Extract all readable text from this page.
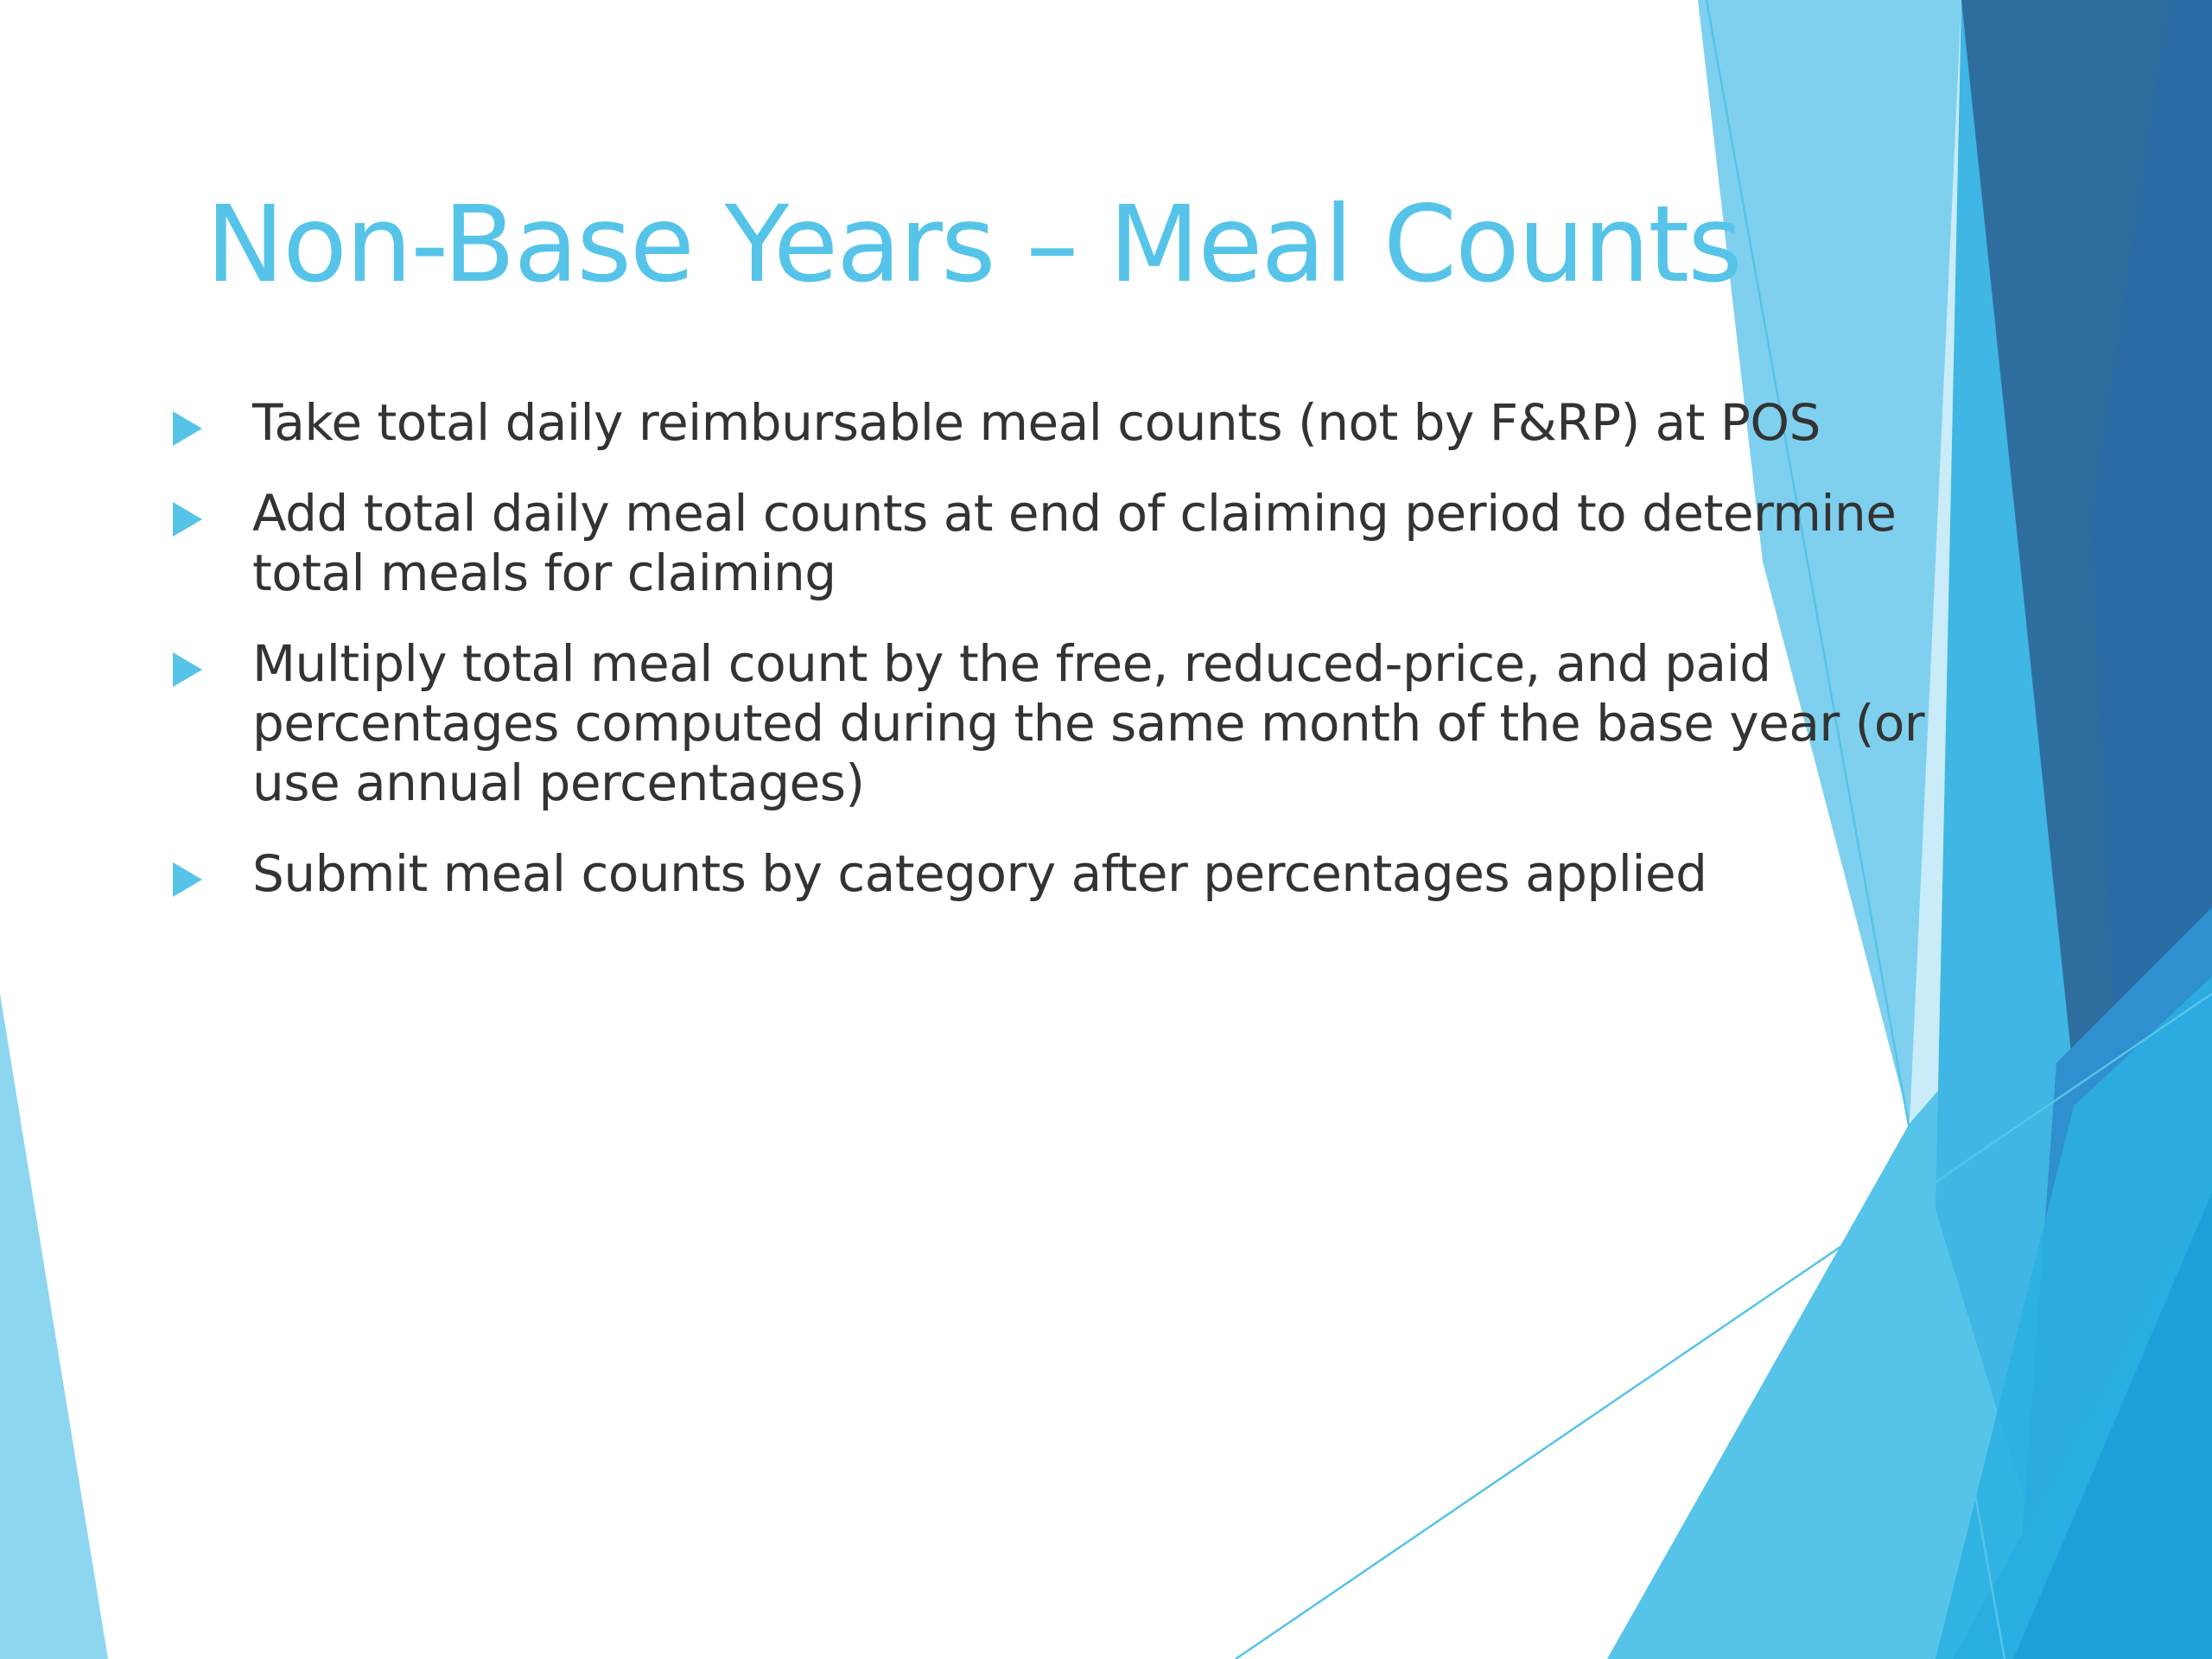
Non-Base Years – Meal Counts
Take total daily reimbursable meal counts (not by F&RP) at POS
Add total daily meal counts at end of claiming period to determine total meals for claiming
Multiply total meal count by the free, reduced-price, and paid percentages computed during the same month of the base year (or use annual percentages)
Submit meal counts by category after percentages applied
